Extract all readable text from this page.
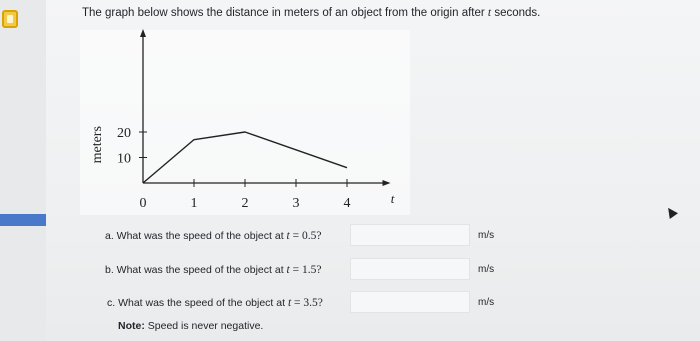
The graph below shows the distance in meters of an object from the origin after t seconds.
0	1	2	3	4
10
20
meters
t
a. What was the speed of the object at t = 0.5?	m/s
b. What was the speed of the object at t = 1.5?	m/s
c. What was the speed of the object at t = 3.5?	m/s
Note: Speed is never negative.
